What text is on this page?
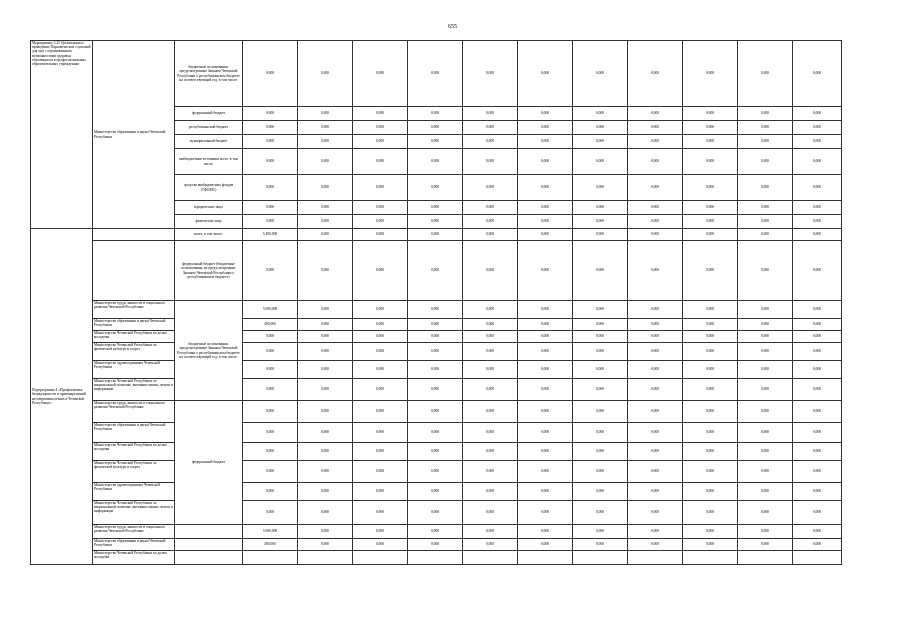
655
Мероприятие 3.25 Организация и проведение Парламентских слушаний для лиц с ограниченными возможностями здоровья, обучающихся в профессиональных образовательных учреждениях	Министерство образования и науки Чеченской Республики	бюджетные ассигнования, предусмотренные Законом Чеченской Республики о республиканском бюджете на соответствующий год, в том числе:	0,000	0,000	0,000	0,000	0,000	0,000	0,000	0,000	0,000	0,000	0,000
		федеральный бюджет	0,000	0,000	0,000	0,000	0,000	0,000	0,000	0,000	0,000	0,000	0,000
		республиканский бюджет	0,000	0,000	0,000	0,000	0,000	0,000	0,000	0,000	0,000	0,000	0,000
		муниципальный бюджет	0,000	0,000	0,000	0,000	0,000	0,000	0,000	0,000	0,000	0,000	0,000
		внебюджетные источники всего, в том числе:	0,000	0,000	0,000	0,000	0,000	0,000	0,000	0,000	0,000	0,000	0,000
		средства внебюджетных фондов (ТФОМС)	0,000	0,000	0,000	0,000	0,000	0,000	0,000	0,000	0,000	0,000	0,000
		юридические лица	0,000	0,000	0,000	0,000	0,000	0,000	0,000	0,000	0,000	0,000	0,000
		физические лица	0,000	0,000	0,000	0,000	0,000	0,000	0,000	0,000	0,000	0,000	0,000
Подпрограмма 4 «Профилактика безнадзорности и правонарушений несовершеннолетних в Чеченской Республике»		всего, в том числе:	5 490,000	0,000	0,000	0,000	0,000	0,000	0,000	0,000	0,000	0,000	0,000
		федеральный бюджет (бюджетные ассигнования, не предусмотренные Законом Чеченской Республики о республиканском бюджете)	0,000	0,000	0,000	0,000	0,000	0,000	0,000	0,000	0,000	0,000	0,000
	Министерство труда, занятости и социального развития Чеченской Республики	бюджетные ассигнования, предусмотренные Законом Чеченской Республики о республиканском бюджете на соответствующий год, в том числе:	5 000,000	0,000	0,000	0,000	0,000	0,000	0,000	0,000	0,000	0,000	0,000
	Министерство образования и науки Чеченской Республики		490,000	0,000	0,000	0,000	0,000	0,000	0,000	0,000	0,000	0,000	0,000
	Министерство Чеченской Республики по делам молодежи		0,000	0,000	0,000	0,000	0,000	0,000	0,000	0,000	0,000	0,000	0,000
	Министерство Чеченской Республики по физической культуре и спорту		0,000	0,000	0,000	0,000	0,000	0,000	0,000	0,000	0,000	0,000	0,000
	Министерство здравоохранения Чеченской Республики		0,000	0,000	0,000	0,000	0,000	0,000	0,000	0,000	0,000	0,000	0,000
	Министерство Чеченской Республики по национальной политике, внешним связям, печати и информации		0,000	0,000	0,000	0,000	0,000	0,000	0,000	0,000	0,000	0,000	0,000
	Министерство труда, занятости и социального развития Чеченской Республики	федеральный бюджет	0,000	0,000	0,000	0,000	0,000	0,000	0,000	0,000	0,000	0,000	0,000
	Министерство образования и науки Чеченской Республики		0,000	0,000	0,000	0,000	0,000	0,000	0,000	0,000	0,000	0,000	0,000
	Министерство Чеченской Республики по делам молодежи		0,000	0,000	0,000	0,000	0,000	0,000	0,000	0,000	0,000	0,000	0,000
	Министерство Чеченской Республики по физической культуре и спорту		0,000	0,000	0,000	0,000	0,000	0,000	0,000	0,000	0,000	0,000	0,000
	Министерство здравоохранения Чеченской Республики		0,000	0,000	0,000	0,000	0,000	0,000	0,000	0,000	0,000	0,000	0,000
	Министерство Чеченской Республики по национальной политике, внешним связям, печати и информации		0,000	0,000	0,000	0,000	0,000	0,000	0,000	0,000	0,000	0,000	0,000
	Министерство труда, занятости и социального развития Чеченской Республики		5 000,000	0,000	0,000	0,000	0,000	0,000	0,000	0,000	0,000	0,000	0,000
	Министерство образования и науки Чеченской Республики		490,000	0,000	0,000	0,000	0,000	0,000	0,000	0,000	0,000	0,000	0,000
	Министерство Чеченской Республики по делам молодежи												
